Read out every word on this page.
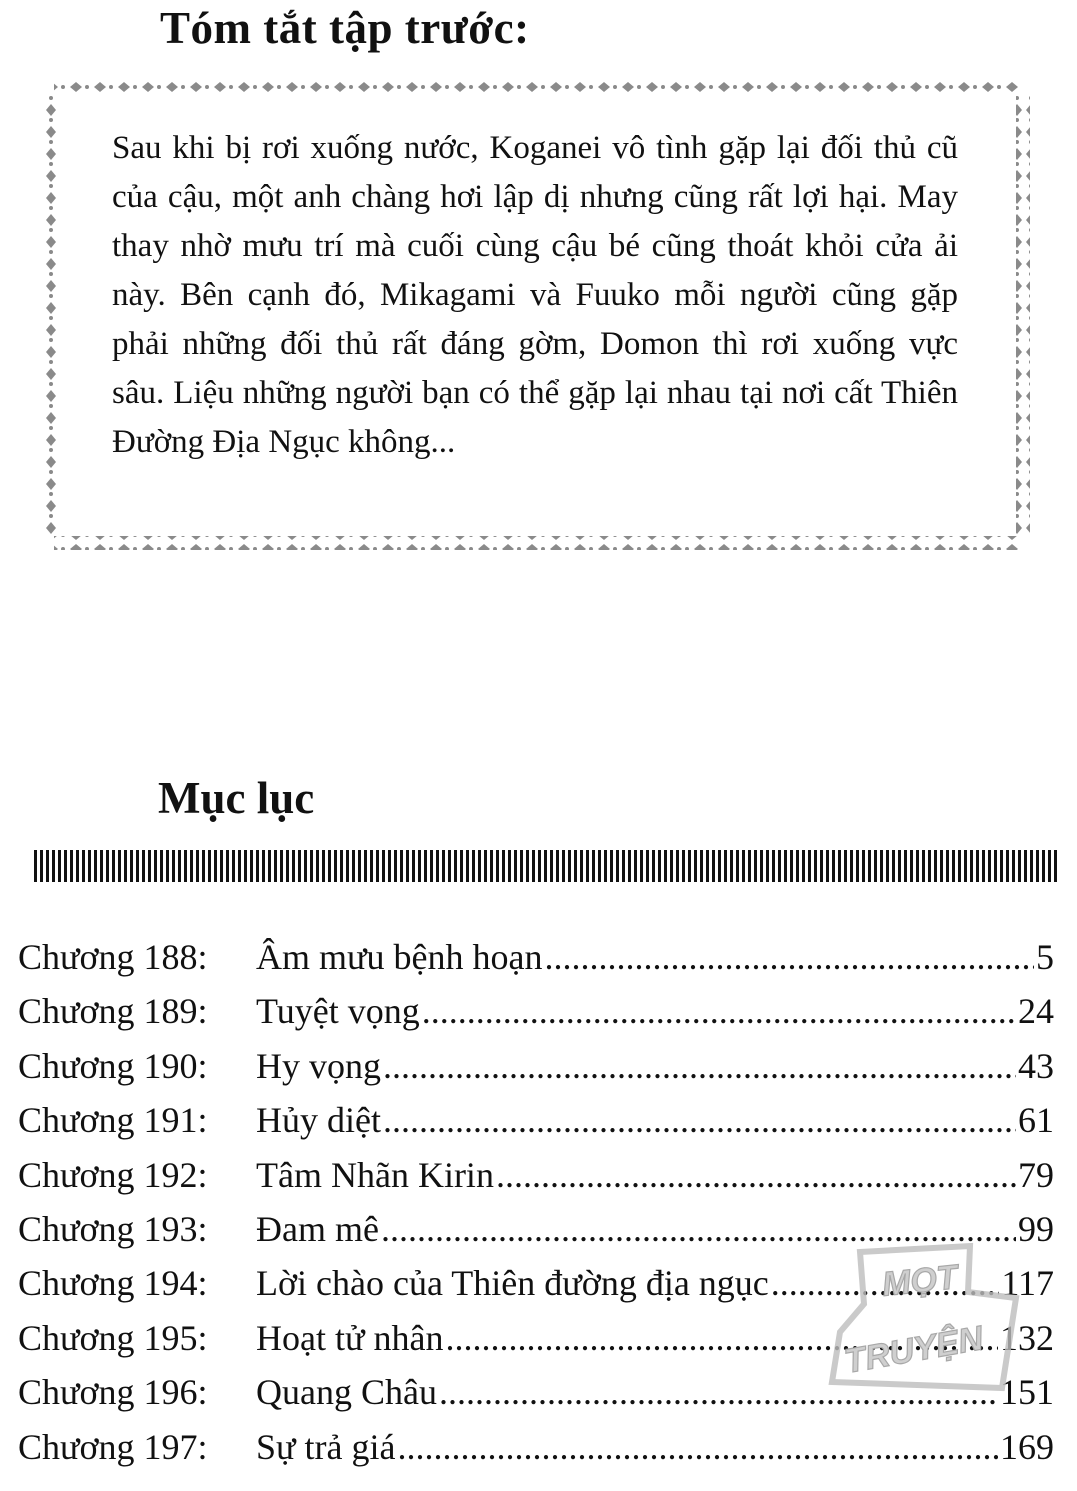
Tóm tắt tập trước:
Sau khi bị rơi xuống nước, Koganei vô tình gặp lại đối thủ cũ của cậu, một anh chàng hơi lập dị nhưng cũng rất lợi hại. May thay nhờ mưu trí mà cuối cùng cậu bé cũng thoát khỏi cửa ải này. Bên cạnh đó, Mikagami và Fuuko mỗi người cũng gặp phải những đối thủ rất đáng gờm, Domon thì rơi xuống vực sâu. Liệu những người bạn có thể gặp lại nhau tại nơi cất Thiên Đường Địa Ngục không...
Mục lục
Chương 188:	Âm mưu bệnh hoạn .....	5
Chương 189:	Tuyệt vọng .....	24
Chương 190:	Hy vọng .....	43
Chương 191:	Hủy diệt .....	61
Chương 192:	Tâm Nhãn Kirin .....	79
Chương 193:	Đam mê .....	99
Chương 194:	Lời chào của Thiên đường địa ngục .....	117
Chương 195:	Hoạt tử nhân .....	132
Chương 196:	Quang Châu .....	151
Chương 197:	Sự trả giá .....	169
MỌT
TRUYỆN
